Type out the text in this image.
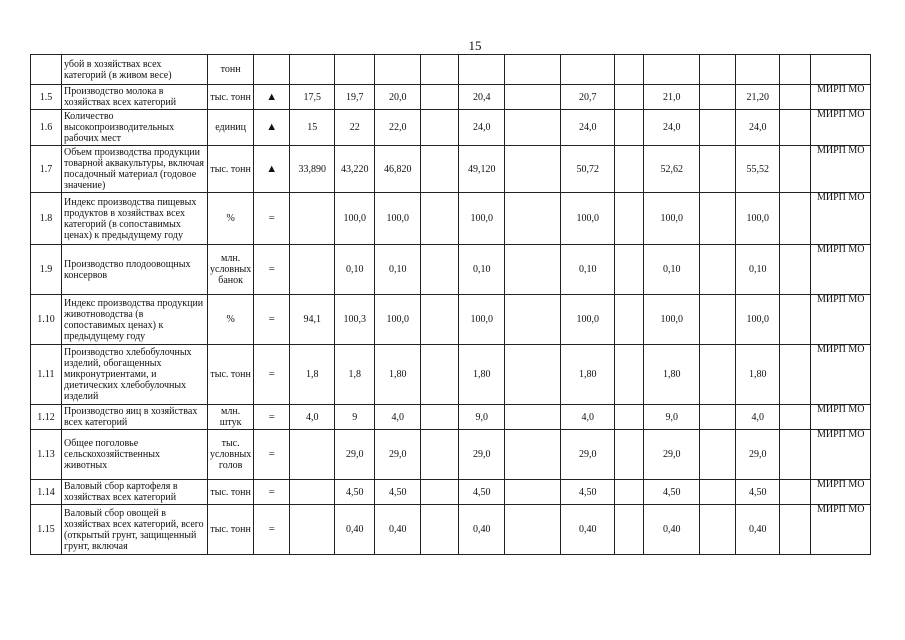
15
	убой в хозяйствах всех категорий (в живом весе)	тонн														
1.5	Производство молока в хозяйствах всех категорий	тыс. тонн	▲	17,5	19,7	20,0		20,4		20,7		21,0		21,20		МИРП МО
1.6	Количество высокопроизводительных рабочих мест	единиц	▲	15	22	22,0		24,0		24,0		24,0		24,0		МИРП МО
1.7	Объем производства продукции товарной аквакультуры, включая посадочный материал (годовое значение)	тыс. тонн	▲	33,890	43,220	46,820		49,120		50,72		52,62		55,52		МИРП МО
1.8	Индекс производства пищевых продуктов в хозяйствах всех категорий (в сопоставимых ценах) к предыдущему году	%	=		100,0	100,0		100,0		100,0		100,0		100,0		МИРП МО
1.9	Производство плодоовощных консервов	млн. условных банок	=		0,10	0,10		0,10		0,10		0,10		0,10		МИРП МО
1.10	Индекс производства продукции животноводства (в сопоставимых ценах) к предыдущему году	%	=	94,1	100,3	100,0		100,0		100,0		100,0		100,0		МИРП МО
1.11	Производство хлебобулочных изделий, обогащенных микронутриентами, и диетических хлебобулочных изделий	тыс. тонн	=	1,8	1,8	1,80		1,80		1,80		1,80		1,80		МИРП МО
1.12	Производство яиц в хозяйствах всех категорий	млн. штук	=	4,0	9	4,0		9,0		4,0		9,0		4,0		МИРП МО
1.13	Общее поголовье сельскохозяйственных животных	тыс. условных голов	=		29,0	29,0		29,0		29,0		29,0		29,0		МИРП МО
1.14	Валовый сбор картофеля в хозяйствах всех категорий	тыс. тонн	=		4,50	4,50		4,50		4,50		4,50		4,50		МИРП МО
1.15	Валовый сбор овощей в хозяйствах всех категорий, всего (открытый грунт, защищенный грунт, включая	тыс. тонн	=		0,40	0,40		0,40		0,40		0,40		0,40		МИРП МО
